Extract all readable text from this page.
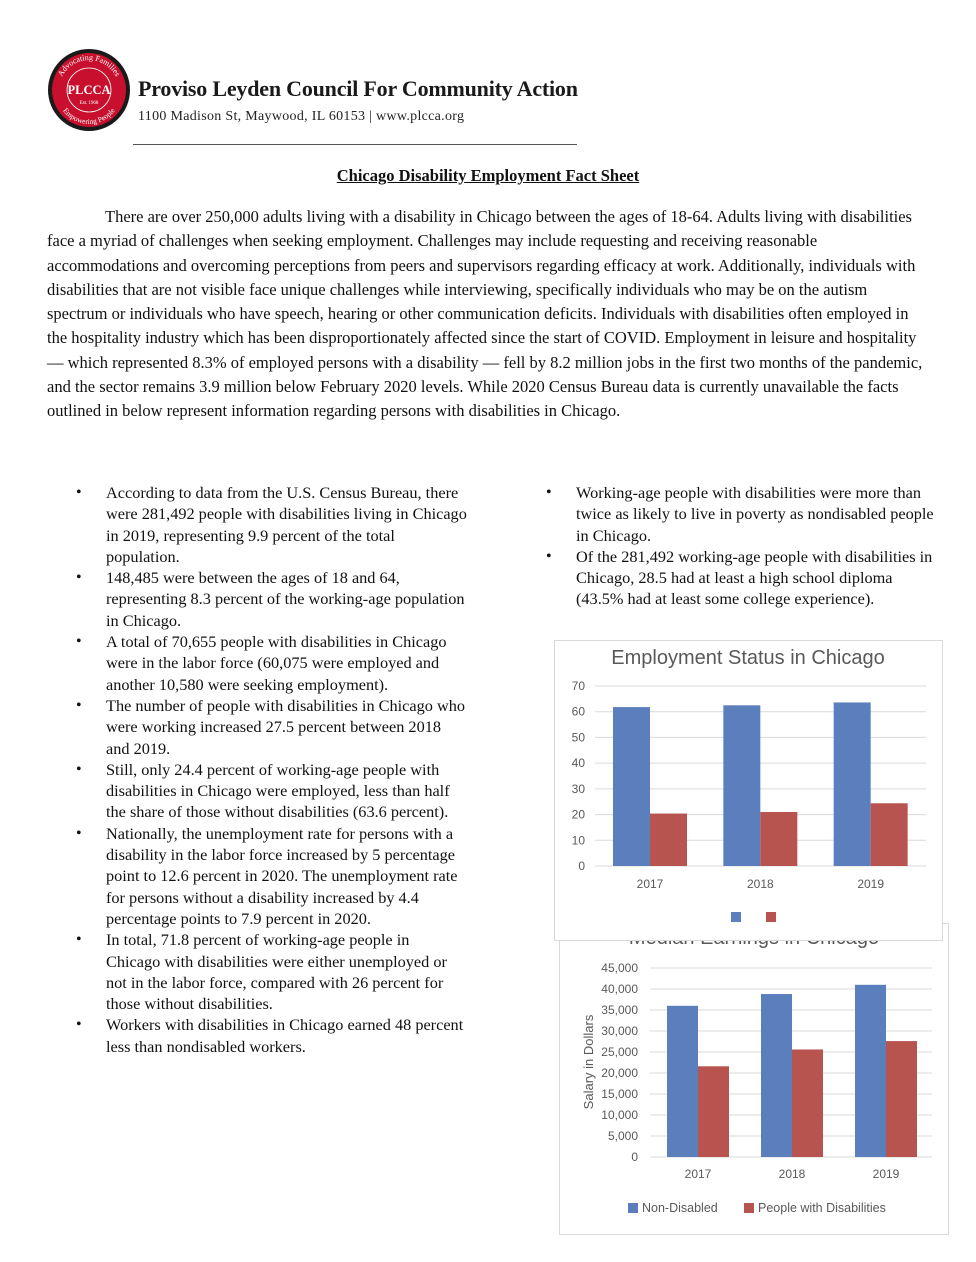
Advocating Families
Empowering People
PLCCA
Est. 1968
Proviso Leyden Council For Community Action
1100 Madison St, Maywood, IL 60153 | www.plcca.org
Chicago Disability Employment Fact Sheet

There are over 250,000 adults living with a disability in Chicago between the ages of 18-64. Adults living with disabilities face a myriad of challenges when seeking employment. Challenges may include requesting and receiving reasonable accommodations and overcoming perceptions from peers and supervisors regarding efficacy at work. Additionally, individuals with disabilities that are not visible face unique challenges while interviewing, specifically individuals who may be on the autism spectrum or individuals who have speech, hearing or other communication deficits. Individuals with disabilities often employed in the hospitality industry which has been disproportionately affected since the start of COVID. Employment in leisure and hospitality — which represented 8.3% of employed persons with a disability — fell by 8.2 million jobs in the first two months of the pandemic, and the sector remains 3.9 million below February 2020 levels. While 2020 Census Bureau data is currently unavailable the facts outlined in below represent information regarding persons with disabilities in Chicago.

• According to data from the U.S. Census Bureau, there were 281,492 people with disabilities living in Chicago in 2019, representing 9.9 percent of the total population.
• 148,485 were between the ages of 18 and 64, representing 8.3 percent of the working-age population in Chicago.
• A total of 70,655 people with disabilities in Chicago were in the labor force (60,075 were employed and another 10,580 were seeking employment).
• The number of people with disabilities in Chicago who were working increased 27.5 percent between 2018 and 2019.
• Still, only 24.4 percent of working-age people with disabilities in Chicago were employed, less than half the share of those without disabilities (63.6 percent).
• Nationally, the unemployment rate for persons with a disability in the labor force increased by 5 percentage point to 12.6 percent in 2020. The unemployment rate for persons without a disability increased by 4.4 percentage points to 7.9 percent in 2020.
• In total, 71.8 percent of working-age people in Chicago with disabilities were either unemployed or not in the labor force, compared with 26 percent for those without disabilities.
• Workers with disabilities in Chicago earned 48 percent less than nondisabled workers.
• Working-age people with disabilities were more than twice as likely to live in poverty as nondisabled people in Chicago.
• Of the 281,492 working-age people with disabilities in Chicago, 28.5 had at least a high school diploma (43.5% had at least some college experience).
0
5,000
10,000
15,000
20,000
25,000
30,000
35,000
40,000
45,000
2017	2018	2019
Salary in Dollars
Non-Disabled	People with Disabilities
Employment Status in Chicago
0
10
20
30
40
50
60
70
2017	2018	2019
